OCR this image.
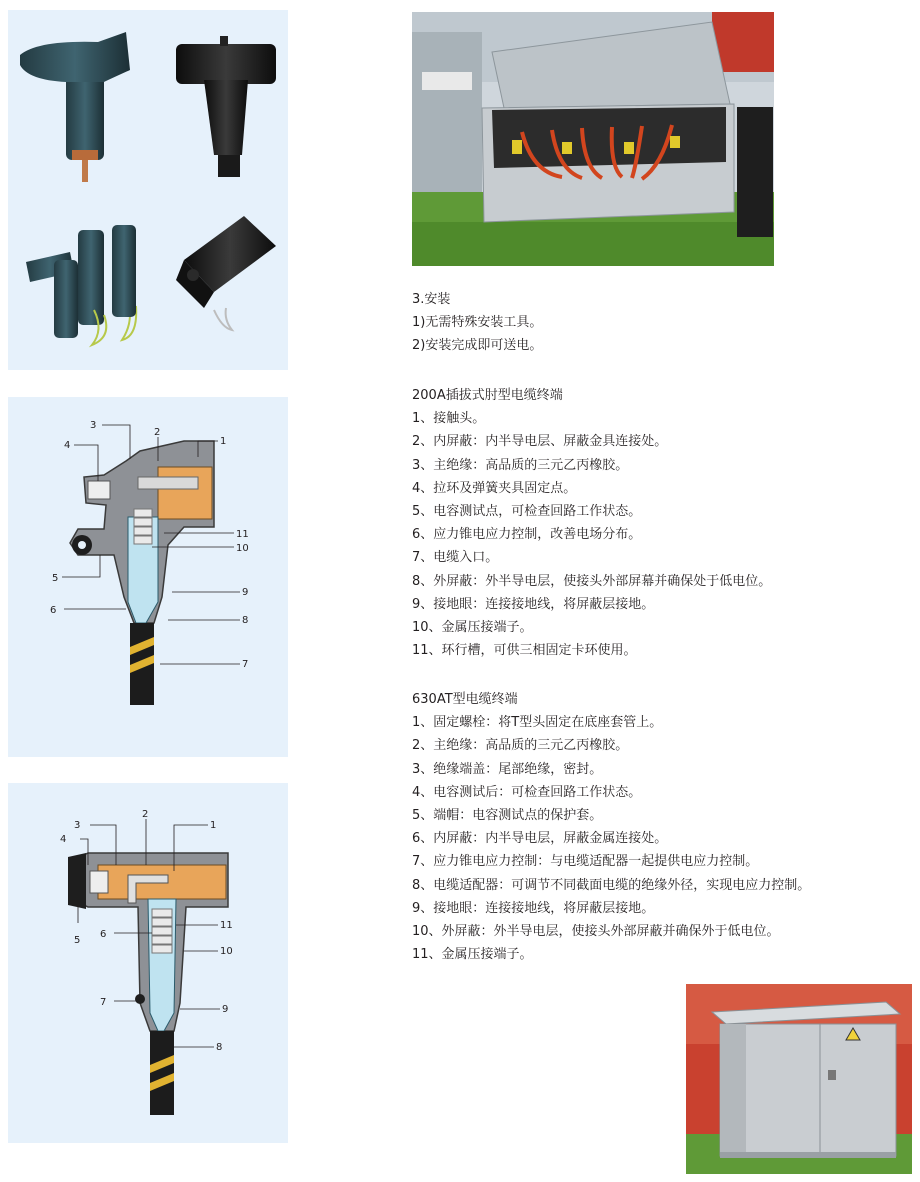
3.安装
1)无需特殊安装工具。
2)安装完成即可送电。
200A插拔式肘型电缆终端
1、接触头。
2、内屏蔽：内半导电层、屏蔽金具连接处。
3、主绝缘：高品质的三元乙丙橡胶。
4、拉环及弹簧夹具固定点。
5、电容测试点，可检查回路工作状态。
6、应力锥电应力控制，改善电场分布。
7、电缆入口。
8、外屏蔽：外半导电层，使接头外部屏幕并确保处于低电位。
9、接地眼：连接接地线，将屏蔽层接地。
10、金属压接端子。
11、环行槽，可供三相固定卡环使用。
630AT型电缆终端
1、固定螺栓：将T型头固定在底座套管上。
2、主绝缘：高品质的三元乙丙橡胶。
3、绝缘端盖：尾部绝缘，密封。
4、电容测试后：可检查回路工作状态。
5、端帽：电容测试点的保护套。
6、内屏蔽：内半导电层，屏蔽金属连接处。
7、应力锥电应力控制：与电缆适配器一起提供电应力控制。
8、电缆适配器：可调节不同截面电缆的绝缘外径，实现电应力控制。
9、接地眼：连接接地线，将屏蔽层接地。
10、外屏蔽：外半导电层，使接头外部屏蔽并确保外于低电位。
11、金属压接端子。
1
2
3
4
5
6
7
8
9
10
11
1
2
3
4
5
6
7
8
9
10
11
